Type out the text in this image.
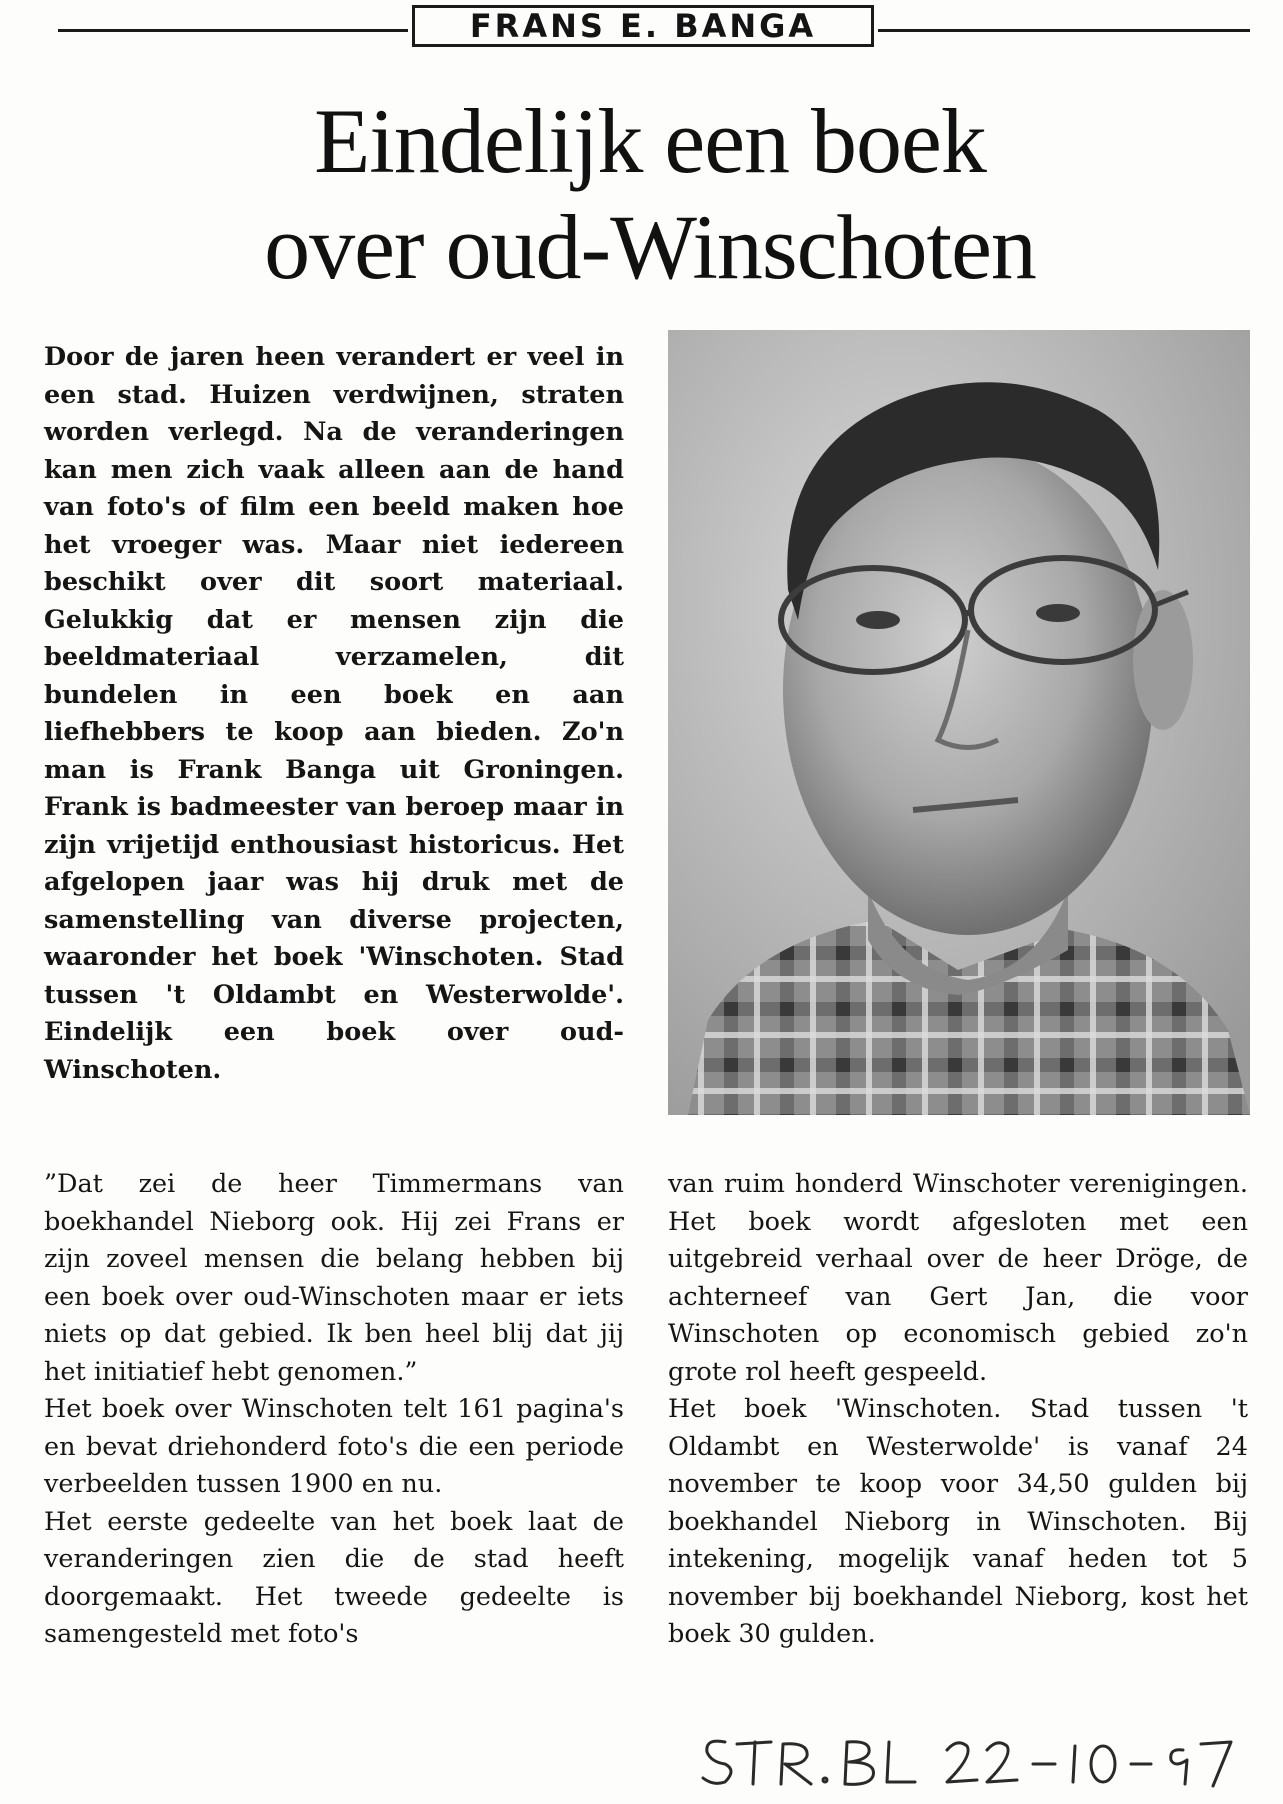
FRANS E. BANGA
Eindelijk een boek
over oud-Winschoten

Door de jaren heen verandert er veel in een stad. Huizen verdwijnen, straten worden verlegd. Na de veranderingen kan men zich vaak alleen aan de hand van foto's of film een beeld maken hoe het vroeger was. Maar niet iedereen beschikt over dit soort materiaal. Gelukkig dat er mensen zijn die beeldmateriaal verzamelen, dit bundelen in een boek en aan liefhebbers te koop aan bieden. Zo'n man is Frank Banga uit Groningen. Frank is badmeester van beroep maar in zijn vrijetijd enthousiast historicus. Het afgelopen jaar was hij druk met de samenstelling van diverse projecten, waaronder het boek 'Winschoten. Stad tussen 't Oldambt en Westerwolde'. Eindelijk een boek over oud-Winschoten.

”Dat zei de heer Timmermans van boekhandel Nieborg ook. Hij zei Frans er zijn zoveel mensen die belang hebben bij een boek over oud-Winschoten maar er iets niets op dat gebied. Ik ben heel blij dat jij het initiatief hebt genomen.”

Het boek over Winschoten telt 161 pagina's en bevat driehonderd foto's die een periode verbeelden tussen 1900 en nu.

Het eerste gedeelte van het boek laat de veranderingen zien die de stad heeft doorgemaakt. Het tweede gedeelte is samengesteld met foto's

van ruim honderd Winschoter verenigingen. Het boek wordt afgesloten met een uitgebreid verhaal over de heer Dröge, de achterneef van Gert Jan, die voor Winschoten op economisch gebied zo'n grote rol heeft gespeeld.

Het boek 'Winschoten. Stad tussen 't Oldambt en Westerwolde' is vanaf 24 november te koop voor 34,50 gulden bij boekhandel Nieborg in Winschoten. Bij intekening, mogelijk vanaf heden tot 5 november bij boekhandel Nieborg, kost het boek 30 gulden.
